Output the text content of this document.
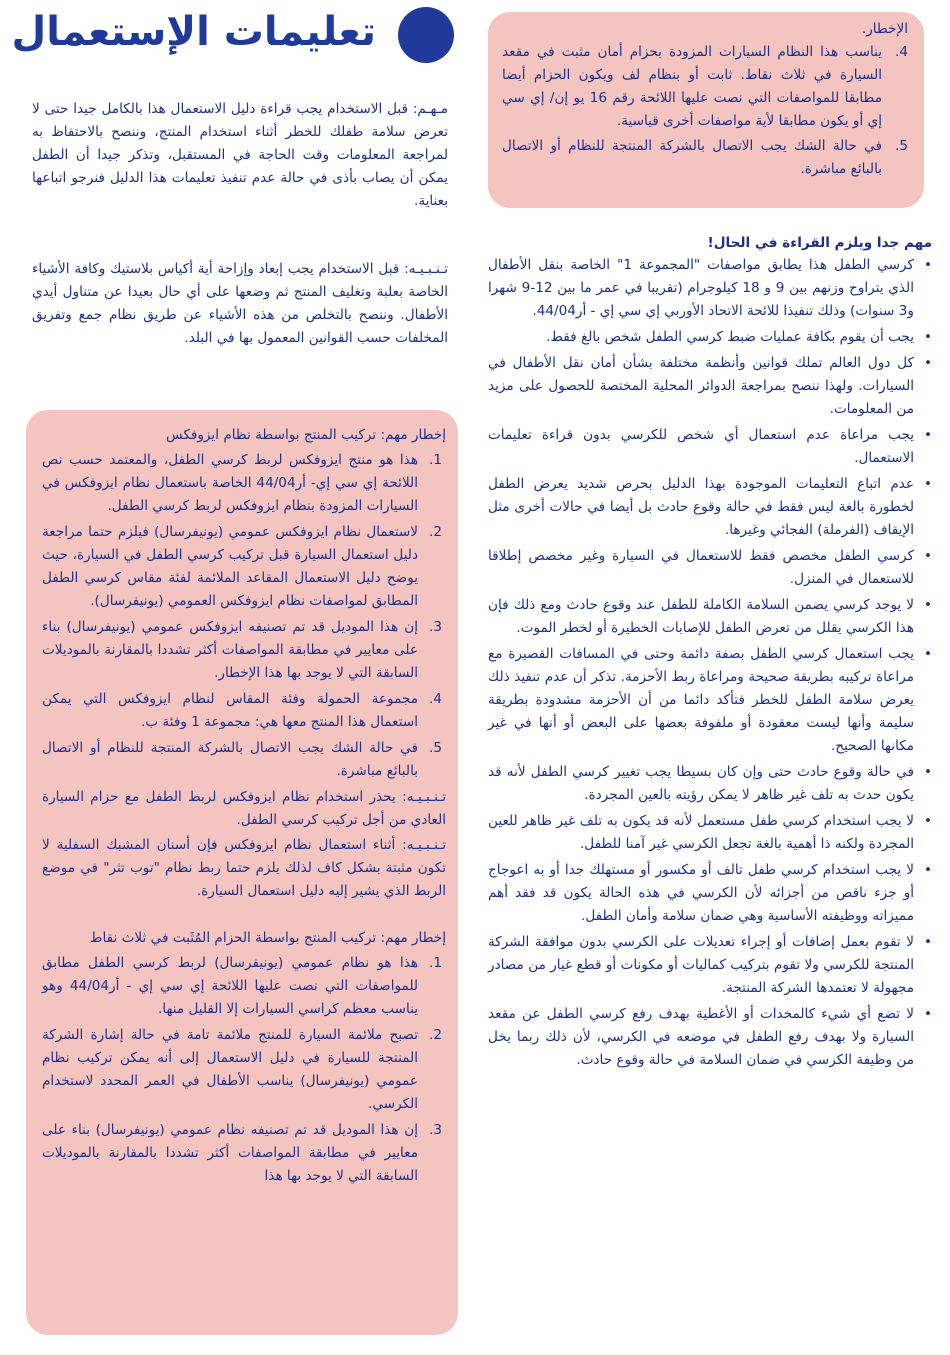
تعليمات الإستعمال	الإخطار.
4.
يناسب هذا النظام السيارات المزودة بحزام أمان مثبت في مقعد السيارة في ثلاث نقاط. ثابت أو بنظام لف ويكون الحزام أيضا مطابقا للمواصفات التي نصت عليها اللائحة رقم 16 يو إن/ إي سي إي أو يكون مطابقا لأية مواصفات أخرى قياسية.
5.
في حالة الشك يجب الاتصال بالشركة المنتجة للنظام أو الاتصال بالبائع مباشرة.
مـهـم: قبل الاستخدام يجب قراءة دليل الاستعمال هذا بالكامل جيدا حتى لا تعرض سلامة طفلك للخطر أثناء استخدام المنتج، وننصح بالاحتفاظ به لمراجعة المعلومات وقت الحاجة في المستقبل، وتذكر جيدا أن الطفل يمكن أن يصاب بأذى في حالة عدم تنفيذ تعليمات هذا الدليل فنرجو اتباعها بعناية.
تـنـبـيـه: قبل الاستخدام يجب إبعاد وإزاحة أية أكياس بلاستيك وكافة الأشياء الخاصة بعلبة وتغليف المنتج ثم وضعها على أي حال بعيدا عن متناول أيدي الأطفال. وننصح بالتخلص من هذه الأشياء عن طريق نظام جمع وتفريق المخلفات حسب القوانين المعمول بها في البلد.
مهم جدا ويلزم القراءة في الحال!
• كرسي الطفل هذا يطابق مواصفات "المجموعة 1" الخاصة بنقل الأطفال الذي يتراوح وزنهم بين 9 و 18 كيلوجرام (تقريبا في عمر ما بين 12-9 شهرا و3 سنوات) وذلك تنفيذا للائحة الاتحاد الأوربي إي سي إي - أر44/04.
• يجب أن يقوم بكافة عمليات ضبط كرسي الطفل شخص بالغ فقط.
• كل دول العالم تملك قوانين وأنظمة مختلفة بشأن أمان نقل الأطفال في السيارات. ولهذا ننصح بمراجعة الدوائر المحلية المختصة للحصول على مزيد من المعلومات.
• يجب مراعاة عدم استعمال أي شخص للكرسي بدون قراءة تعليمات الاستعمال.
• عدم اتباع التعليمات الموجودة بهذا الدليل بحرص شديد يعرض الطفل لخطورة بالغة ليس فقط في حالة وقوع حادث بل أيضا في حالات أخرى مثل الإيقاف (الفرملة) الفجائي وغيرها.
• كرسي الطفل مخصص فقط للاستعمال في السيارة وغير مخصص إطلاقا للاستعمال في المنزل.
• لا يوجد كرسي يضمن السلامة الكاملة للطفل عند وقوع حادث ومع ذلك فإن هذا الكرسي يقلل من تعرض الطفل للإصابات الخطيرة أو لخطر الموت.
• يجب استعمال كرسي الطفل بصفة دائمة وحتى في المسافات القصيرة مع مراعاة تركيبه بطريقة صحيحة ومراعاة ربط الأحزمة. تذكر أن عدم تنفيذ ذلك يعرض سلامة الطفل للخطر فتأكد دائما من أن الأحزمة مشدودة بطريقة سليمة وأنها ليست معقودة أو ملفوفة بعضها على البعض أو أنها في غير مكانها الصحيح.
• في حالة وقوع حادث حتى وإن كان بسيطا يجب تغيير كرسي الطفل لأنه قد يكون حدث به تلف غير ظاهر لا يمكن رؤيته بالعين المجردة.
• لا يجب استخدام كرسي طفل مستعمل لأنه قد يكون به تلف غير ظاهر للعين المجردة ولكنه ذا أهمية بالغة تجعل الكرسي غير آمنا للطفل.
• لا يجب استخدام كرسي طفل تالف أو مكسور أو مستهلك جدا أو به اعوجاج أو جزء ناقص من أجزائه لأن الكرسي في هذه الحالة يكون قد فقد أهم مميزاته ووظيفته الأساسية وهي ضمان سلامة وأمان الطفل.
• لا تقوم بعمل إضافات أو إجراء تعديلات على الكرسي بدون موافقة الشركة المنتجة للكرسي ولا تقوم بتركيب كماليات أو مكونات أو قطع غيار من مصادر مجهولة لا تعتمدها الشركة المنتجة.
• لا تضع أي شيء كالمخدات أو الأغطية بهدف رفع كرسي الطفل عن مقعد السيارة ولا بهدف رفع الطفل في موضعه في الكرسي، لأن ذلك ربما يخل من وظيفة الكرسي في ضمان السلامة في حالة وقوع حادث.
إخطار مهم: تركيب المنتج بواسطة نظام ايزوفكس
1.
هذا هو منتج ايزوفكس لربط كرسي الطفل، والمعتمد حسب نص اللائحة إي سي إي- أر44/04 الخاصة باستعمال نظام ايزوفكس في السيارات المزودة بنظام ايزوفكس لربط كرسي الطفل.
2.
لاستعمال نظام ايزوفكس عمومي (يونيفرسال) فيلزم حتما مراجعة دليل استعمال السيارة قبل تركيب كرسي الطفل في السيارة، حيث يوضح دليل الاستعمال المقاعد الملائمة لفئة مقاس كرسي الطفل المطابق لمواصفات نظام ايزوفكس العمومي (يونيفرسال).
3.
إن هذا الموديل قد تم تصنيفه ايزوفكس عمومي (يونيفرسال) بناء على معايير في مطابقة المواصفات أكثر تشددا بالمقارنة بالموديلات السابقة التي لا يوجد بها هذا الإخطار.
4.
مجموعة الحمولة وفئة المقاس لنظام ايزوفكس التي يمكن استعمال هذا المنتج معها هي: مجموعة 1 وفئة ب.
5.
في حالة الشك يجب الاتصال بالشركة المنتجة للنظام أو الاتصال بالبائع مباشرة.
تـنـبـيـه: يحذر استخدام نظام ايزوفكس لربط الطفل مع حزام السيارة العادي من أجل تركيب كرسي الطفل.
تـنـبـيـه: أثناء استعمال نظام ايزوفكس فإن أسنان المشبك السفلية لا تكون مثبتة بشكل كاف لذلك يلزم حتما ربط نظام "توب تثر" في موضع الربط الذي يشير إليه دليل استعمال السيارة.
إخطار مهم: تركيب المنتج بواسطة الحزام المُثَبت في ثلاث نقاط
1.
هذا هو نظام عمومي (يونيفرسال) لربط كرسي الطفل مطابق للمواصفات التي نصت عليها اللائحة إي سي إي - أر44/04 وهو يناسب معظم كراسي السيارات إلا القليل منها.
2.
تصبح ملائمة السيارة للمنتج ملائمة تامة في حالة إشارة الشركة المنتجة للسيارة في دليل الاستعمال إلى أنه يمكن تركيب نظام عمومي (يونيفرسال) يناسب الأطفال في العمر المحدد لاستخدام الكرسي.
3.
إن هذا الموديل قد تم تصنيفه نظام عمومي (يونيفرسال) بناء على معايير في مطابقة المواصفات أكثر تشددا بالمقارنة بالموديلات السابقة التي لا يوجد بها هذا
